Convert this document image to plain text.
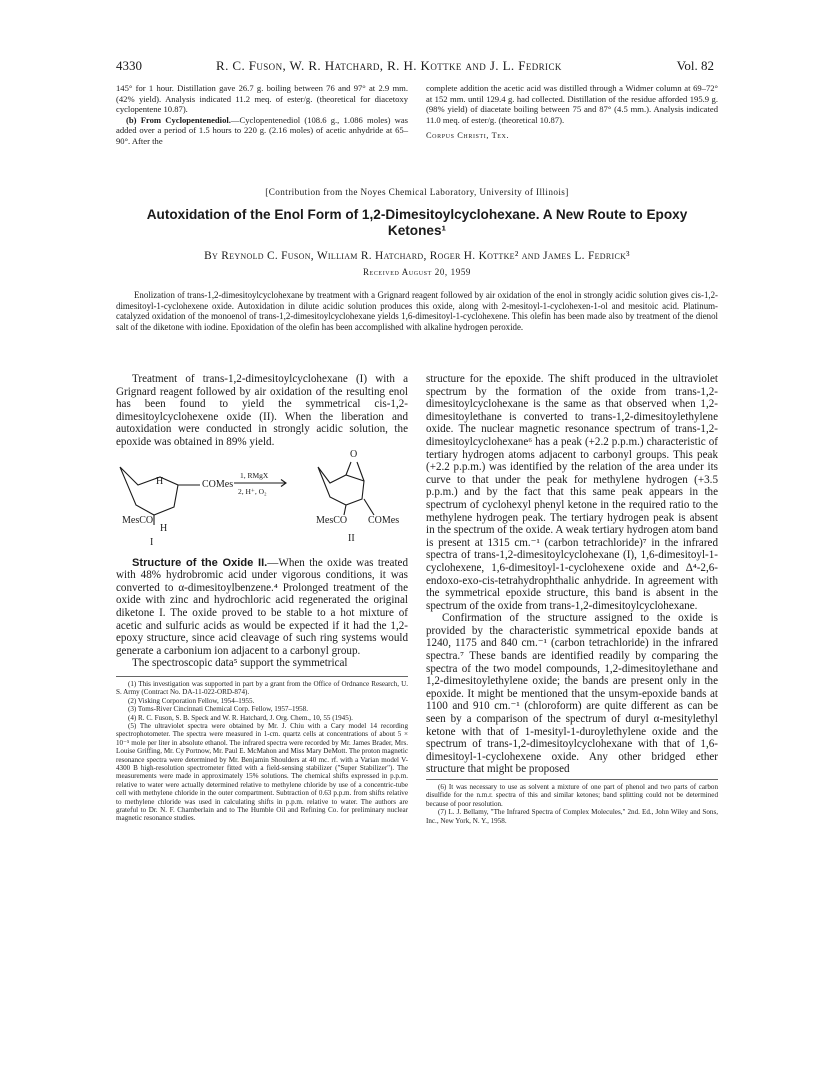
4330	R. C. Fuson, W. R. Hatchard, R. H. Kottke and J. L. Fedrick	Vol. 82

145° for 1 hour. Distillation gave 26.7 g. boiling between 76 and 97° at 2.9 mm. (42% yield). Analysis indicated 11.2 meq. of ester/g. (theoretical for diacetoxy cyclopentene 10.87).

(b) From Cyclopentenediol.—Cyclopentenediol (108.6 g., 1.086 moles) was added over a period of 1.5 hours to 220 g. (2.16 moles) of acetic anhydride at 65–90°. After the

complete addition the acetic acid was distilled through a Widmer column at 69–72° at 152 mm. until 129.4 g. had collected. Distillation of the residue afforded 195.9 g. (98% yield) of diacetate boiling between 75 and 87° (4.5 mm.). Analysis indicated 11.0 meq. of ester/g. (theoretical 10.87).

Corpus Christi, Tex.

[Contribution from the Noyes Chemical Laboratory, University of Illinois]
Autoxidation of the Enol Form of 1,2-Dimesitoylcyclohexane. A New Route to Epoxy Ketones¹
By Reynold C. Fuson, William R. Hatchard, Roger H. Kottke² and James L. Fedrick³
Received August 20, 1959

Enolization of trans-1,2-dimesitoylcyclohexane by treatment with a Grignard reagent followed by air oxidation of the enol in strongly acidic solution gives cis-1,2-dimesitoyl-1-cyclohexene oxide. Autoxidation in dilute acidic solution produces this oxide, along with 2-mesitoyl-1-cyclohexen-1-ol and mesitoic acid. Platinum-catalyzed oxidation of the monoenol of trans-1,2-dimesitoylcyclohexane yields 1,6-dimesitoyl-1-cyclohexene. This olefin has been made also by treatment of the dienol salt of the diketone with iodine. Epoxidation of the olefin has been accomplished with alkaline hydrogen peroxide.

Treatment of trans-1,2-dimesitoylcyclohexane (I) with a Grignard reagent followed by air oxidation of the resulting enol has been found to yield the symmetrical cis-1,2-dimesitoylcyclohexene oxide (II). When the liberation and autoxidation were conducted in strongly acidic solution, the epoxide was obtained in 89% yield.

H	COMes
MesCO
H
I
1, RMgX
2, H⁺, O₂
O
MesCO COMes
II

Structure of the Oxide II.—When the oxide was treated with 48% hydrobromic acid under vigorous conditions, it was converted to α-dimesitoylbenzene.⁴ Prolonged treatment of the oxide with zinc and hydrochloric acid regenerated the original diketone I. The oxide proved to be stable to a hot mixture of acetic and sulfuric acids as would be expected if it had the 1,2-epoxy structure, since acid cleavage of such ring systems would generate a carbonium ion adjacent to a carbonyl group.

The spectroscopic data⁵ support the symmetrical

(1) This investigation was supported in part by a grant from the Office of Ordnance Research, U. S. Army (Contract No. DA-11-022-ORD-874).

(2) Visking Corporation Fellow, 1954–1955.

(3) Toms-River Cincinnati Chemical Corp. Fellow, 1957–1958.

(4) R. C. Fuson, S. B. Speck and W. R. Hatchard, J. Org. Chem., 10, 55 (1945).

(5) The ultraviolet spectra were obtained by Mr. J. Chiu with a Cary model 14 recording spectrophotometer. The spectra were measured in 1-cm. quartz cells at concentrations of about 5 × 10⁻⁵ mole per liter in absolute ethanol. The infrared spectra were recorded by Mr. James Brader, Mrs. Louise Griffing, Mr. Cy Portnow, Mr. Paul E. McMahon and Miss Mary DeMott. The proton magnetic resonance spectra were determined by Mr. Benjamin Shoulders at 40 mc. rf. with a Varian model V-4300 B high-resolution spectrometer fitted with a field-sensing stabilizer ("Super Stabilizer"). The measurements were made in approximately 15% solutions. The chemical shifts expressed in p.p.m. relative to water were actually determined relative to methylene chloride by use of a concentric-tube cell with methylene chloride in the outer compartment. Subtraction of 0.63 p.p.m. from shifts relative to methylene chloride was used in calculating shifts in p.p.m. relative to water. The authors are grateful to Dr. N. F. Chamberlain and to The Humble Oil and Refining Co. for preliminary nuclear magnetic resonance studies.

structure for the epoxide. The shift produced in the ultraviolet spectrum by the formation of the oxide from trans-1,2-dimesitoylcyclohexane is the same as that observed when 1,2-dimesitoylethane is converted to trans-1,2-dimesitoylethylene oxide. The nuclear magnetic resonance spectrum of trans-1,2-dimesitoylcyclohexane⁶ has a peak (+2.2 p.p.m.) characteristic of tertiary hydrogen atoms adjacent to carbonyl groups. This peak (+2.2 p.p.m.) was identified by the relation of the area under its curve to that under the peak for methylene hydrogen (+3.5 p.p.m.) and by the fact that this same peak appears in the spectrum of cyclohexyl phenyl ketone in the required ratio to the methylene hydrogen peak. The tertiary hydrogen peak is absent in the spectrum of the oxide. A weak tertiary hydrogen atom band is present at 1315 cm.⁻¹ (carbon tetrachloride)⁷ in the infrared spectra of trans-1,2-dimesitoylcyclohexane (I), 1,6-dimesitoyl-1-cyclohexene, 1,6-dimesitoyl-1-cyclohexene oxide and Δ⁴-2,6-endoxo-exo-cis-tetrahydrophthalic anhydride. In agreement with the symmetrical epoxide structure, this band is absent in the spectrum of the oxide from trans-1,2-dimesitoylcyclohexane.

Confirmation of the structure assigned to the oxide is provided by the characteristic symmetrical epoxide bands at 1240, 1175 and 840 cm.⁻¹ (carbon tetrachloride) in the infrared spectra.⁷ These bands are identified readily by comparing the spectra of the two model compounds, 1,2-dimesitoylethane and 1,2-dimesitoylethylene oxide; the bands are present only in the epoxide. It might be mentioned that the unsym-epoxide bands at 1100 and 910 cm.⁻¹ (chloroform) are quite different as can be seen by a comparison of the spectrum of duryl α-mesitylethyl ketone with that of 1-mesityl-1-duroylethylene oxide and the spectrum of trans-1,2-dimesitoylcyclohexane with that of 1,6-dimesitoyl-1-cyclohexene oxide. Any other bridged ether structure that might be proposed

(6) It was necessary to use as solvent a mixture of one part of phenol and two parts of carbon disulfide for the n.m.r. spectra of this and similar ketones; band splitting could not be determined because of poor resolution.

(7) L. J. Bellamy, "The Infrared Spectra of Complex Molecules," 2nd. Ed., John Wiley and Sons, Inc., New York, N. Y., 1958.
